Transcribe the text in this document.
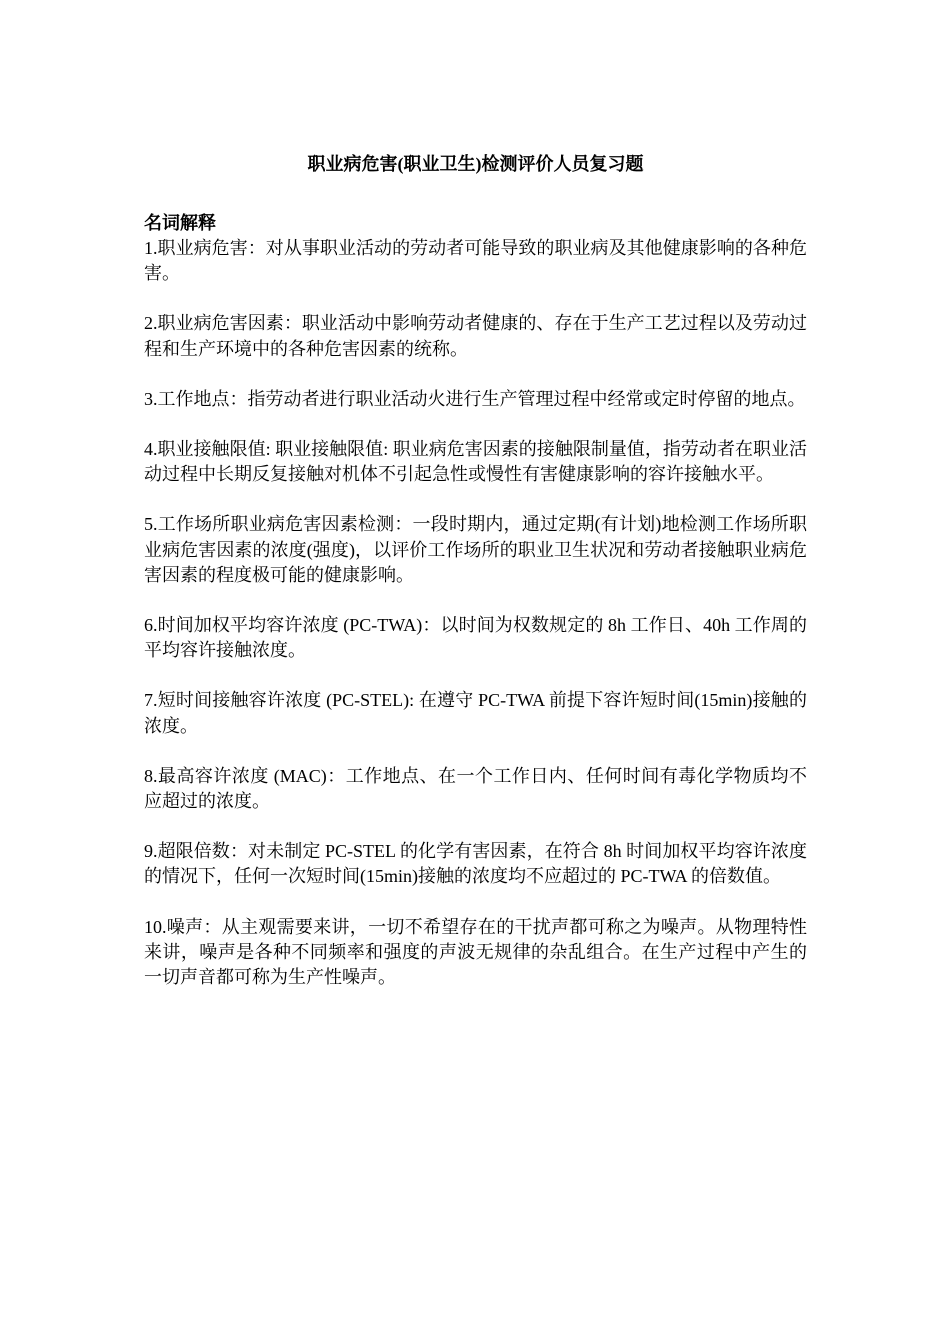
职业病危害(职业卫生)检测评价人员复习题
名词解释
1.职业病危害：对从事职业活动的劳动者可能导致的职业病及其他健康影响的各种危害。
2.职业病危害因素：职业活动中影响劳动者健康的、存在于生产工艺过程以及劳动过程和生产环境中的各种危害因素的统称。
3.工作地点：指劳动者进行职业活动火进行生产管理过程中经常或定时停留的地点。
4.职业接触限值: 职业接触限值: 职业病危害因素的接触限制量值，指劳动者在职业活动过程中长期反复接触对机体不引起急性或慢性有害健康影响的容许接触水平。
5.工作场所职业病危害因素检测：一段时期内，通过定期(有计划)地检测工作场所职业病危害因素的浓度(强度)，以评价工作场所的职业卫生状况和劳动者接触职业病危害因素的程度极可能的健康影响。
6.时间加权平均容许浓度 (PC-TWA)：以时间为权数规定的 8h 工作日、40h 工作周的平均容许接触浓度。
7.短时间接触容许浓度 (PC-STEL): 在遵守 PC-TWA 前提下容许短时间(15min)接触的浓度。
8.最高容许浓度 (MAC)：工作地点、在一个工作日内、任何时间有毒化学物质均不应超过的浓度。
9.超限倍数：对未制定 PC-STEL 的化学有害因素，在符合 8h 时间加权平均容许浓度的情况下，任何一次短时间(15min)接触的浓度均不应超过的 PC-TWA 的倍数值。
10.噪声：从主观需要来讲，一切不希望存在的干扰声都可称之为噪声。从物理特性来讲，噪声是各种不同频率和强度的声波无规律的杂乱组合。在生产过程中产生的一切声音都可称为生产性噪声。
